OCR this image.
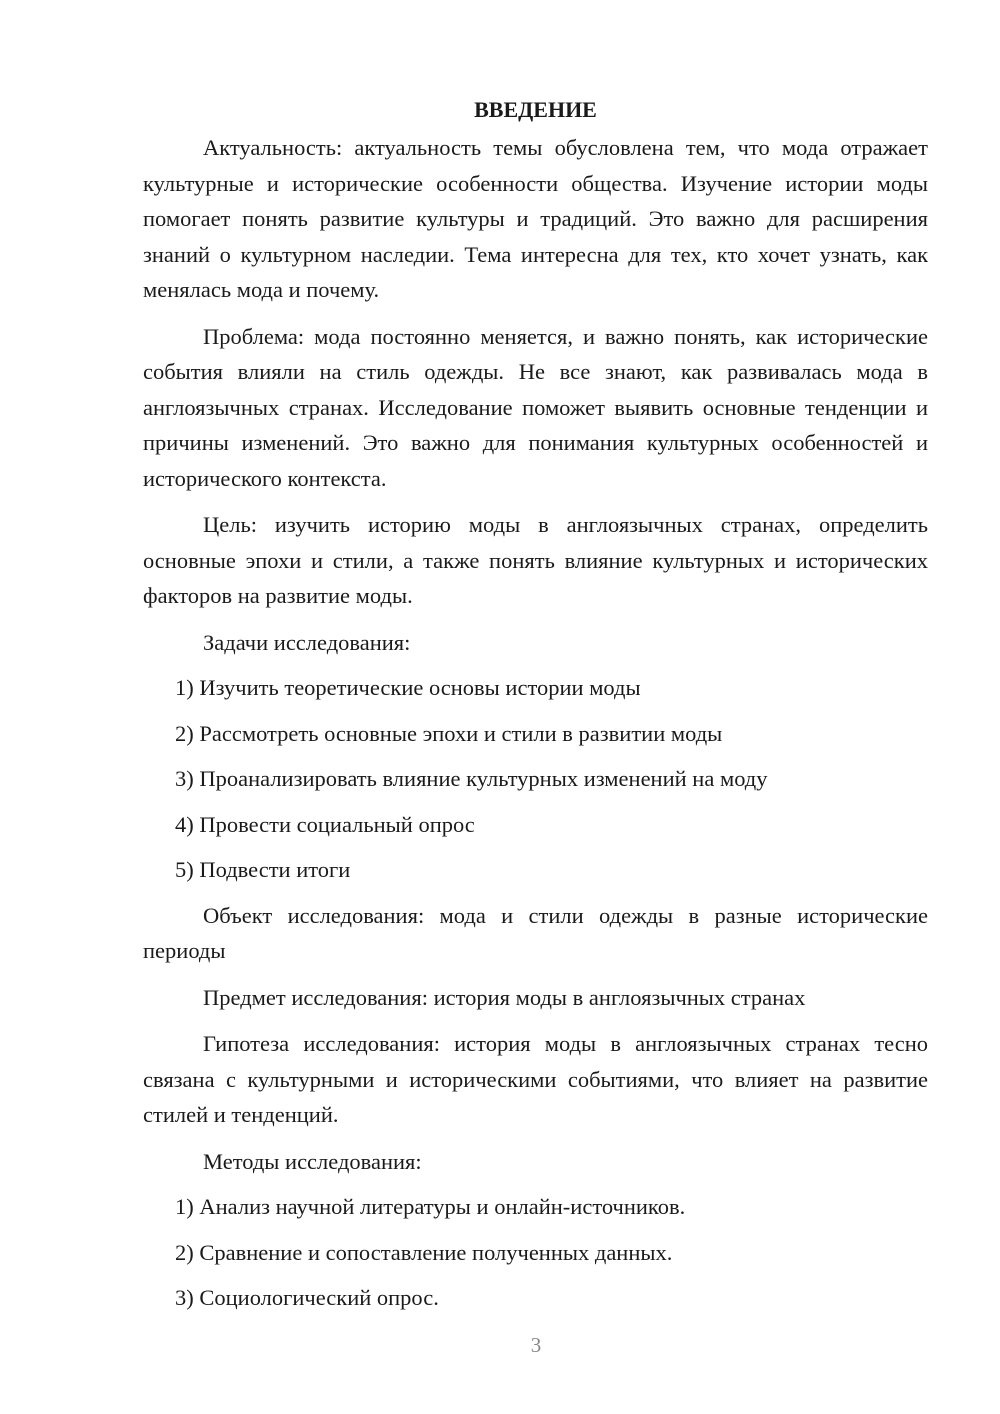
ВВЕДЕНИЕ

Актуальность: актуальность темы обусловлена тем, что мода отражает культурные и исторические особенности общества. Изучение истории моды помогает понять развитие культуры и традиций. Это важно для расширения знаний о культурном наследии. Тема интересна для тех, кто хочет узнать, как менялась мода и почему.

Проблема: мода постоянно меняется, и важно понять, как исторические события влияли на стиль одежды. Не все знают, как развивалась мода в англоязычных странах. Исследование поможет выявить основные тенденции и причины изменений. Это важно для понимания культурных особенностей и исторического контекста.

Цель: изучить историю моды в англоязычных странах, определить основные эпохи и стили, а также понять влияние культурных и исторических факторов на развитие моды.

Задачи исследования:

1) Изучить теоретические основы истории моды

2) Рассмотреть основные эпохи и стили в развитии моды

3) Проанализировать влияние культурных изменений на моду

4) Провести социальный опрос

5) Подвести итоги

Объект исследования: мода и стили одежды в разные исторические периоды

Предмет исследования: история моды в англоязычных странах

Гипотеза исследования: история моды в англоязычных странах тесно связана с культурными и историческими событиями, что влияет на развитие стилей и тенденций.

Методы исследования:

1) Анализ научной литературы и онлайн-источников.

2) Сравнение и сопоставление полученных данных.

3) Социологический опрос.

3
